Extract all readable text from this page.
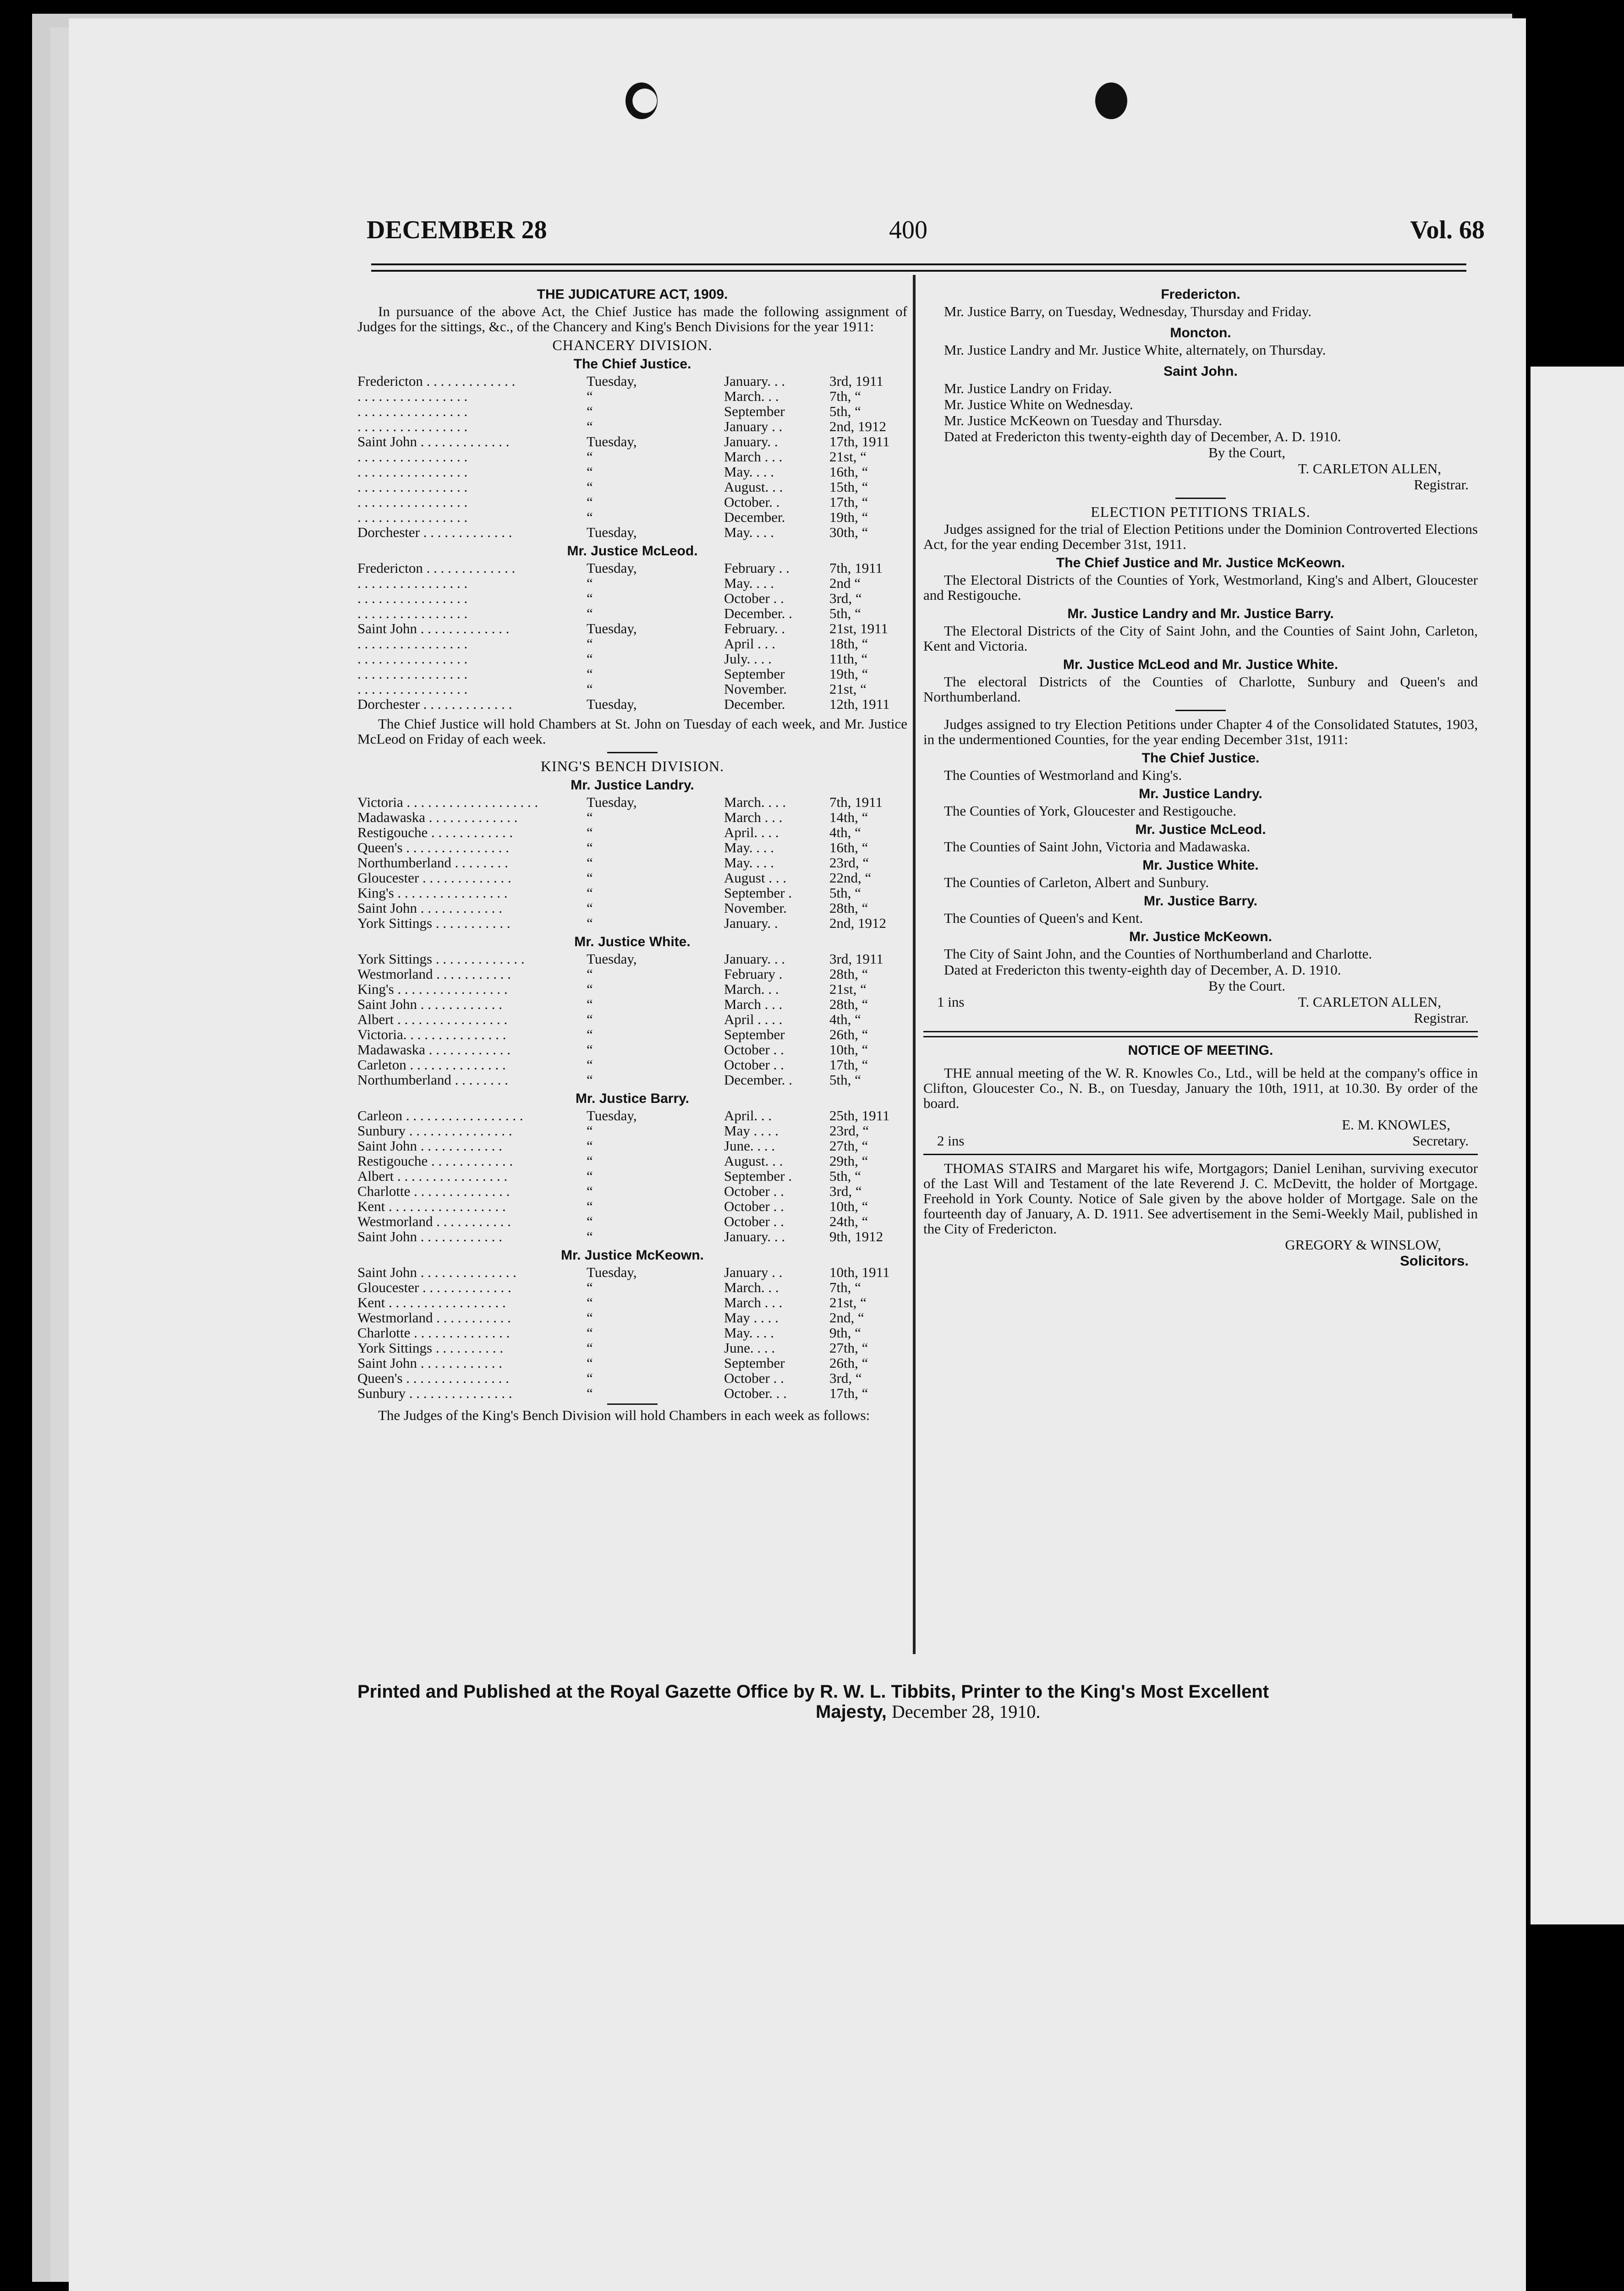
DECEMBER 28	400	Vol. 68
THE JUDICATURE ACT, 1909.
In pursuance of the above Act, the Chief Justice has made the following assignment of Judges for the sittings, &c., of the Chancery and King's Bench Divisions for the year 1911:
CHANCERY DIVISION.
The Chief Justice.
Fredericton . . . . . . . . . . . . .	Tuesday,	January. . .	3rd, 1911
. . . . . . . . . . . . . . . .	“	March. . .	7th, “
. . . . . . . . . . . . . . . .	“	September	5th, “
. . . . . . . . . . . . . . . .	“	January . .	2nd, 1912
Saint John . . . . . . . . . . . . .	Tuesday,	January. .	17th, 1911
. . . . . . . . . . . . . . . .	“	March . . .	21st, “
. . . . . . . . . . . . . . . .	“	May. . . .	16th, “
. . . . . . . . . . . . . . . .	“	August. . .	15th, “
. . . . . . . . . . . . . . . .	“	October. .	17th, “
. . . . . . . . . . . . . . . .	“	December.	19th, “
Dorchester . . . . . . . . . . . . .	Tuesday,	May. . . .	30th, “
Mr. Justice McLeod.
Fredericton . . . . . . . . . . . . .	Tuesday,	February . .	7th, 1911
. . . . . . . . . . . . . . . .	“	May. . . .	2nd “
. . . . . . . . . . . . . . . .	“	October . .	3rd, “
. . . . . . . . . . . . . . . .	“	December. .	5th, “
Saint John . . . . . . . . . . . . .	Tuesday,	February. .	21st, 1911
. . . . . . . . . . . . . . . .	“	April . . .	18th, “
. . . . . . . . . . . . . . . .	“	July. . . .	11th, “
. . . . . . . . . . . . . . . .	“	September	19th, “
. . . . . . . . . . . . . . . .	“	November.	21st, “
Dorchester . . . . . . . . . . . . .	Tuesday,	December.	12th, 1911
The Chief Justice will hold Chambers at St. John on Tuesday of each week, and Mr. Justice McLeod on Friday of each week.
KING'S BENCH DIVISION.
Mr. Justice Landry.
Victoria . . . . . . . . . . . . . . . . . . .	Tuesday,	March. . . .	7th, 1911
Madawaska . . . . . . . . . . . . .	“	March . . .	14th, “
Restigouche . . . . . . . . . . . .	“	April. . . .	4th, “
Queen's . . . . . . . . . . . . . . .	“	May. . . .	16th, “
Northumberland . . . . . . . .	“	May. . . .	23rd, “
Gloucester . . . . . . . . . . . . .	“	August . . .	22nd, “
King's . . . . . . . . . . . . . . . .	“	September .	5th, “
Saint John . . . . . . . . . . . .	“	November.	28th, “
York Sittings . . . . . . . . . . .	“	January. .	2nd, 1912
Mr. Justice White.
York Sittings . . . . . . . . . . . . .	Tuesday,	January. . .	3rd, 1911
Westmorland . . . . . . . . . . .	“	February .	28th, “
King's . . . . . . . . . . . . . . . .	“	March. . .	21st, “
Saint John . . . . . . . . . . . .	“	March . . .	28th, “
Albert . . . . . . . . . . . . . . . .	“	April . . . .	4th, “
Victoria. . . . . . . . . . . . . . .	“	September	26th, “
Madawaska . . . . . . . . . . . .	“	October . .	10th, “
Carleton . . . . . . . . . . . . . .	“	October . .	17th, “
Northumberland . . . . . . . .	“	December. .	5th, “
Mr. Justice Barry.
Carleon . . . . . . . . . . . . . . . . .	Tuesday,	April. . .	25th, 1911
Sunbury . . . . . . . . . . . . . . .	“	May . . . .	23rd, “
Saint John . . . . . . . . . . . .	“	June. . . .	27th, “
Restigouche . . . . . . . . . . . .	“	August. . .	29th, “
Albert . . . . . . . . . . . . . . . .	“	September .	5th, “
Charlotte . . . . . . . . . . . . . .	“	October . .	3rd, “
Kent . . . . . . . . . . . . . . . . .	“	October . .	10th, “
Westmorland . . . . . . . . . . .	“	October . .	24th, “
Saint John . . . . . . . . . . . .	“	January. . .	9th, 1912
Mr. Justice McKeown.
Saint John . . . . . . . . . . . . . .	Tuesday,	January . .	10th, 1911
Gloucester . . . . . . . . . . . . .	“	March. . .	7th, “
Kent . . . . . . . . . . . . . . . . .	“	March . . .	21st, “
Westmorland . . . . . . . . . . .	“	May . . . .	2nd, “
Charlotte . . . . . . . . . . . . . .	“	May. . . .	9th, “
York Sittings . . . . . . . . . .	“	June. . . .	27th, “
Saint John . . . . . . . . . . . .	“	September	26th, “
Queen's . . . . . . . . . . . . . . .	“	October . .	3rd, “
Sunbury . . . . . . . . . . . . . . .	“	October. . .	17th, “
The Judges of the King's Bench Division will hold Chambers in each week as follows:
Fredericton.
Mr. Justice Barry, on Tuesday, Wednesday, Thursday and Friday.
Moncton.
Mr. Justice Landry and Mr. Justice White, alternately, on Thursday.
Saint John.
Mr. Justice Landry on Friday.
Mr. Justice White on Wednesday.
Mr. Justice McKeown on Tuesday and Thursday.
Dated at Fredericton this twenty-eighth day of December, A. D. 1910.
By the Court,
T. CARLETON ALLEN,
Registrar.
ELECTION PETITIONS TRIALS.
Judges assigned for the trial of Election Petitions under the Dominion Controverted Elections Act, for the year ending December 31st, 1911.
The Chief Justice and Mr. Justice McKeown.
The Electoral Districts of the Counties of York, Westmorland, King's and Albert, Gloucester and Restigouche.
Mr. Justice Landry and Mr. Justice Barry.
The Electoral Districts of the City of Saint John, and the Counties of Saint John, Carleton, Kent and Victoria.
Mr. Justice McLeod and Mr. Justice White.
The electoral Districts of the Counties of Charlotte, Sunbury and Queen's and Northumberland.
Judges assigned to try Election Petitions under Chapter 4 of the Consolidated Statutes, 1903, in the undermentioned Counties, for the year ending December 31st, 1911:
The Chief Justice.
The Counties of Westmorland and King's.
Mr. Justice Landry.
The Counties of York, Gloucester and Restigouche.
Mr. Justice McLeod.
The Counties of Saint John, Victoria and Madawaska.
Mr. Justice White.
The Counties of Carleton, Albert and Sunbury.
Mr. Justice Barry.
The Counties of Queen's and Kent.
Mr. Justice McKeown.
The City of Saint John, and the Counties of Northumberland and Charlotte.
Dated at Fredericton this twenty-eighth day of December, A. D. 1910.
By the Court.
1 ins	T. CARLETON ALLEN,
Registrar.
NOTICE OF MEETING.
THE annual meeting of the W. R. Knowles Co., Ltd., will be held at the company's office in Clifton, Gloucester Co., N. B., on Tuesday, January the 10th, 1911, at 10.30. By order of the board.
E. M. KNOWLES,
2 ins	Secretary.
THOMAS STAIRS and Margaret his wife, Mortgagors; Daniel Lenihan, surviving executor of the Last Will and Testament of the late Reverend J. C. McDevitt, the holder of Mortgage. Freehold in York County. Notice of Sale given by the above holder of Mortgage. Sale on the fourteenth day of January, A. D. 1911. See advertisement in the Semi-Weekly Mail, published in the City of Fredericton.
GREGORY & WINSLOW,
Solicitors.
Printed and Published at the Royal Gazette Office by R. W. L. Tibbits, Printer to the King's Most Excellent
Majesty, December 28, 1910.
